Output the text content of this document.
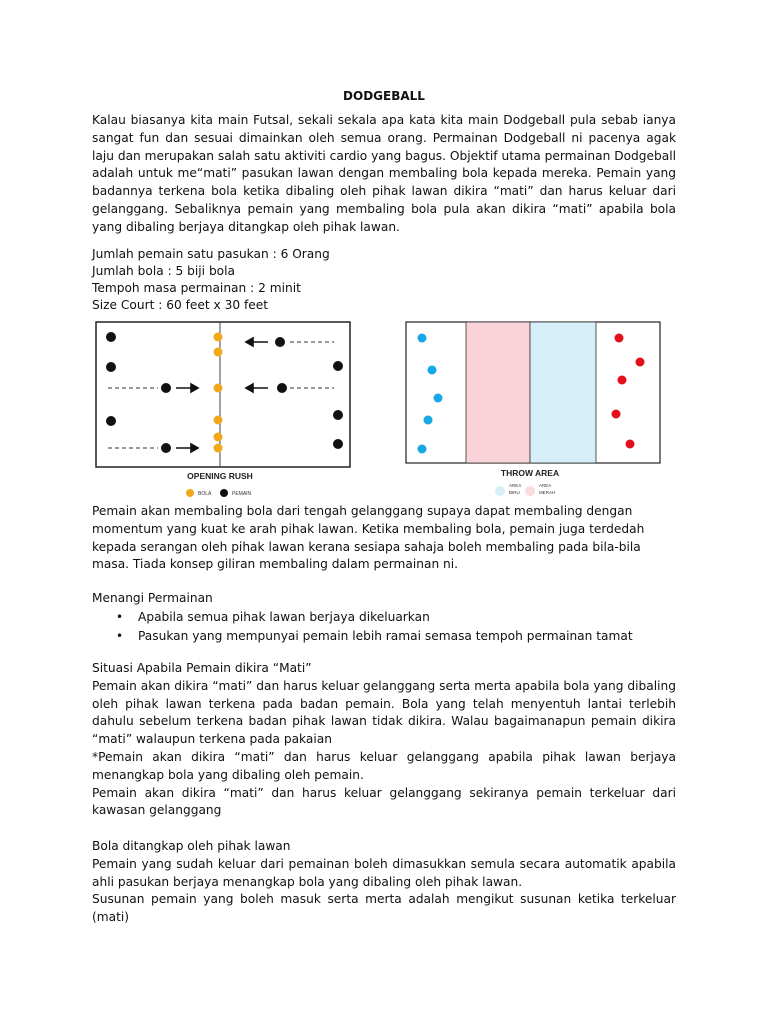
DODGEBALL

Kalau biasanya kita main Futsal, sekali sekala apa kata kita main Dodgeball pula sebab ianya sangat fun dan sesuai dimainkan oleh semua orang. Permainan Dodgeball ni pacenya agak laju dan merupakan salah satu aktiviti cardio yang bagus. Objektif utama permainan Dodgeball adalah untuk me“mati” pasukan lawan dengan membaling bola kepada mereka. Pemain yang badannya terkena bola ketika dibaling oleh pihak lawan dikira “mati” dan harus keluar dari gelanggang. Sebaliknya pemain yang membaling bola pula akan dikira “mati” apabila bola yang dibaling berjaya ditangkap oleh pihak lawan.

Jumlah pemain satu pasukan : 6 Orang
Jumlah bola : 5 biji bola
Tempoh masa permainan : 2 minit
Size Court : 60 feet x 30 feet
OPENING RUSH
BOLA	PEMAIN
THROW AREA
AREA
BIRU
AREA
MERAH

Pemain akan membaling bola dari tengah gelanggang supaya dapat membaling dengan momentum yang kuat ke arah pihak lawan. Ketika membaling bola, pemain juga terdedah kepada serangan oleh pihak lawan kerana sesiapa sahaja boleh membaling pada bila-bila masa. Tiada konsep giliran membaling dalam permainan ni.

Menangi Permainan
• Apabila semua pihak lawan berjaya dikeluarkan
• Pasukan yang mempunyai pemain lebih ramai semasa tempoh permainan tamat
Situasi Apabila Pemain dikira “Mati”

Pemain akan dikira “mati” dan harus keluar gelanggang serta merta apabila bola yang dibaling oleh pihak lawan terkena pada badan pemain. Bola yang telah menyentuh lantai terlebih dahulu sebelum terkena badan pihak lawan tidak dikira. Walau bagaimanapun pemain dikira “mati” walaupun terkena pada pakaian

*Pemain akan dikira “mati” dan harus keluar gelanggang apabila pihak lawan berjaya menangkap bola yang dibaling oleh pemain.

Pemain akan dikira “mati” dan harus keluar gelanggang sekiranya pemain terkeluar dari kawasan gelanggang

Bola ditangkap oleh pihak lawan

Pemain yang sudah keluar dari pemainan boleh dimasukkan semula secara automatik apabila ahli pasukan berjaya menangkap bola yang dibaling oleh pihak lawan.

Susunan pemain yang boleh masuk serta merta adalah mengikut susunan ketika terkeluar (mati)
